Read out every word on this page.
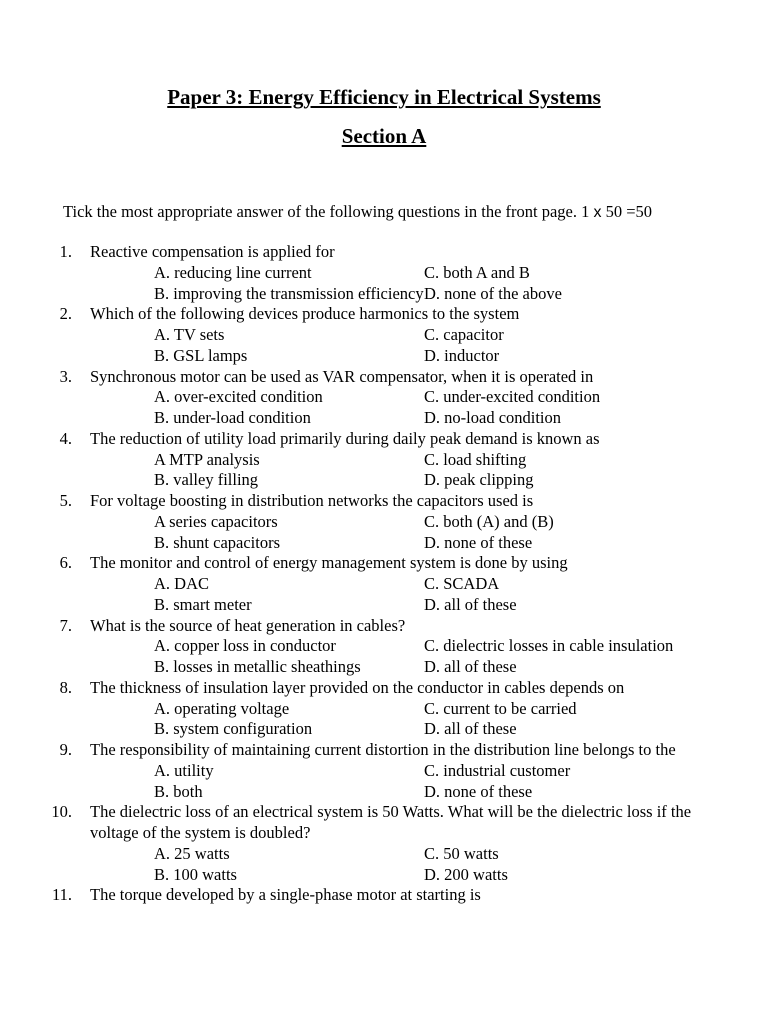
Paper 3: Energy Efficiency in Electrical Systems
Section A
Tick the most appropriate answer of the following questions in the front page. 1 x 50 =50
1.	Reactive compensation is applied for
A. reducing line current	C. both A and B
B. improving the transmission efficiency D. none of the above
2.	Which of the following devices produce harmonics to the system
A. TV sets	C. capacitor
B. GSL lamps	D. inductor
3.	Synchronous motor can be used as VAR compensator, when it is operated in
A. over-excited condition	C. under-excited condition
B. under-load condition	D. no-load condition
4.	The reduction of utility load primarily during daily peak demand is known as
A MTP analysis	C. load shifting
B. valley filling	D. peak clipping
5.	For voltage boosting in distribution networks the capacitors used is
A series capacitors	C. both (A) and (B)
B. shunt capacitors	D. none of these
6.	The monitor and control of energy management system is done by using
A. DAC	C. SCADA
B. smart meter	D. all of these
7.	What is the source of heat generation in cables?
A. copper loss in conductor	C. dielectric losses in cable insulation
B. losses in metallic sheathings	D. all of these
8.	The thickness of insulation layer provided on the conductor in cables depends on
A. operating voltage	C. current to be carried
B. system configuration	D. all of these
9.	The responsibility of maintaining current distortion in the distribution line belongs to the
A. utility	C. industrial customer
B. both	D. none of these
10.	The dielectric loss of an electrical system is 50 Watts. What will be the dielectric loss if the voltage of the system is doubled?
A. 25 watts	C. 50 watts
B. 100 watts	D. 200 watts
11.	The torque developed by a single-phase motor at starting is
